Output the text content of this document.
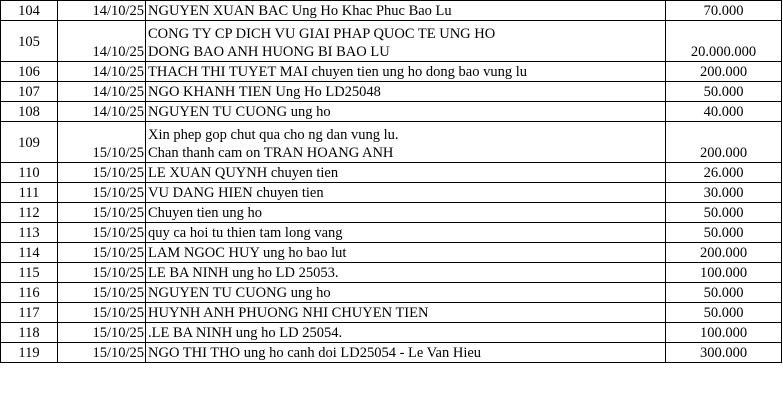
104	14/10/25	NGUYEN XUAN BAC Ung Ho Khac Phuc Bao Lu	70.000
105	14/10/25	CONG TY CP DICH VU GIAI PHAP QUOC TE UNG HO
DONG BAO ANH HUONG BI BAO LU	20.000.000
106	14/10/25	THACH THI TUYET MAI chuyen tien ung ho dong bao vung lu	200.000
107	14/10/25	NGO KHANH TIEN Ung Ho LD25048	50.000
108	14/10/25	NGUYEN TU CUONG ung ho	40.000
109	15/10/25	Xin phep gop chut qua cho ng dan vung lu.
Chan thanh cam on TRAN HOANG ANH	200.000
110	15/10/25	LE XUAN QUYNH chuyen tien	26.000
111	15/10/25	VU DANG HIEN chuyen tien	30.000
112	15/10/25	Chuyen tien ung ho	50.000
113	15/10/25	quy ca hoi tu thien tam long vang	50.000
114	15/10/25	LAM NGOC HUY ung ho bao lut	200.000
115	15/10/25	LE BA NINH ung ho LD 25053.	100.000
116	15/10/25	NGUYEN TU CUONG ung ho	50.000
117	15/10/25	HUYNH ANH PHUONG NHI CHUYEN TIEN	50.000
118	15/10/25	.LE BA NINH ung ho LD 25054.	100.000
119	15/10/25	NGO THI THO ung ho canh doi LD25054 - Le Van Hieu	300.000
